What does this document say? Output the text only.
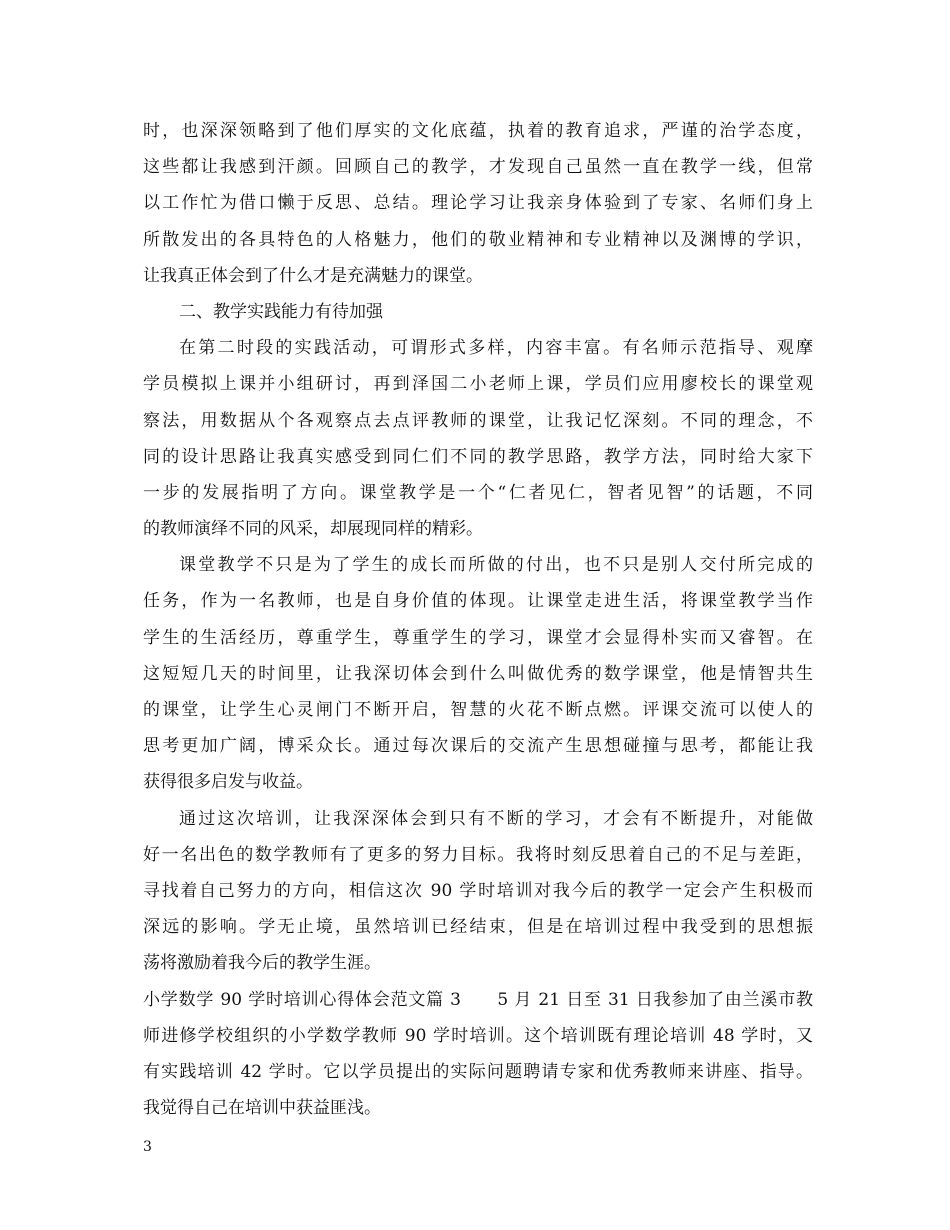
时，也深深领略到了他们厚实的文化底蕴，执着的教育追求，严谨的治学态度，
这些都让我感到汗颜。回顾自己的教学，才发现自己虽然一直在教学一线，但常
以工作忙为借口懒于反思、总结。理论学习让我亲身体验到了专家、名师们身上
所散发出的各具特色的人格魅力，他们的敬业精神和专业精神以及渊博的学识，
让我真正体会到了什么才是充满魅力的课堂。
二、教学实践能力有待加强
在第二时段的实践活动，可谓形式多样，内容丰富。有名师示范指导、观摩
学员模拟上课并小组研讨，再到泽国二小老师上课，学员们应用廖校长的课堂观
察法，用数据从个各观察点去点评教师的课堂，让我记忆深刻。不同的理念，不
同的设计思路让我真实感受到同仁们不同的教学思路，教学方法，同时给大家下
一步的发展指明了方向。课堂教学是一个“仁者见仁，智者见智”的话题，不同
的教师演绎不同的风采，却展现同样的精彩。
课堂教学不只是为了学生的成长而所做的付出，也不只是别人交付所完成的
任务，作为一名教师，也是自身价值的体现。让课堂走进生活，将课堂教学当作
学生的生活经历，尊重学生，尊重学生的学习，课堂才会显得朴实而又睿智。在
这短短几天的时间里，让我深切体会到什么叫做优秀的数学课堂，他是情智共生
的课堂，让学生心灵闸门不断开启，智慧的火花不断点燃。评课交流可以使人的
思考更加广阔，博采众长。通过每次课后的交流产生思想碰撞与思考，都能让我
获得很多启发与收益。
通过这次培训，让我深深体会到只有不断的学习，才会有不断提升，对能做
好一名出色的数学教师有了更多的努力目标。我将时刻反思着自己的不足与差距，
寻找着自己努力的方向，相信这次 90 学时培训对我今后的教学一定会产生积极而
深远的影响。学无止境，虽然培训已经结束，但是在培训过程中我受到的思想振
荡将激励着我今后的教学生涯。
小学数学 90 学时培训心得体会范文篇 3　　5 月 21 日至 31 日我参加了由兰溪市教
师进修学校组织的小学数学教师 90 学时培训。这个培训既有理论培训 48 学时，又
有实践培训 42 学时。它以学员提出的实际问题聘请专家和优秀教师来讲座、指导。
我觉得自己在培训中获益匪浅。
3
